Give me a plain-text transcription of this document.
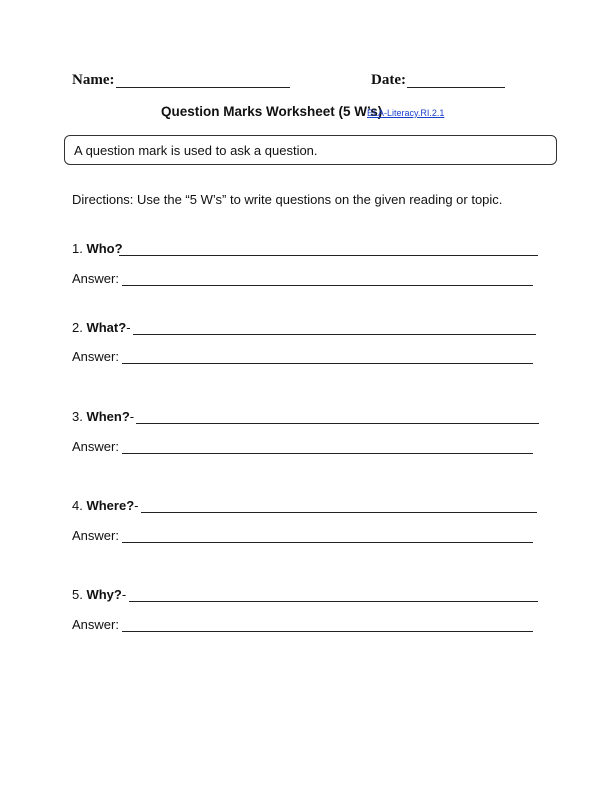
Name:	Date:
Question Marks Worksheet (5 W’s)
ELA-Literacy.RI.2.1
A question mark is used to ask a question.
Directions: Use the “5 W’s” to write questions on the given reading or topic.
1. Who?
Answer:
2. What?-
Answer:
3. When?-
Answer:
4. Where?-
Answer:
5. Why?-
Answer:
